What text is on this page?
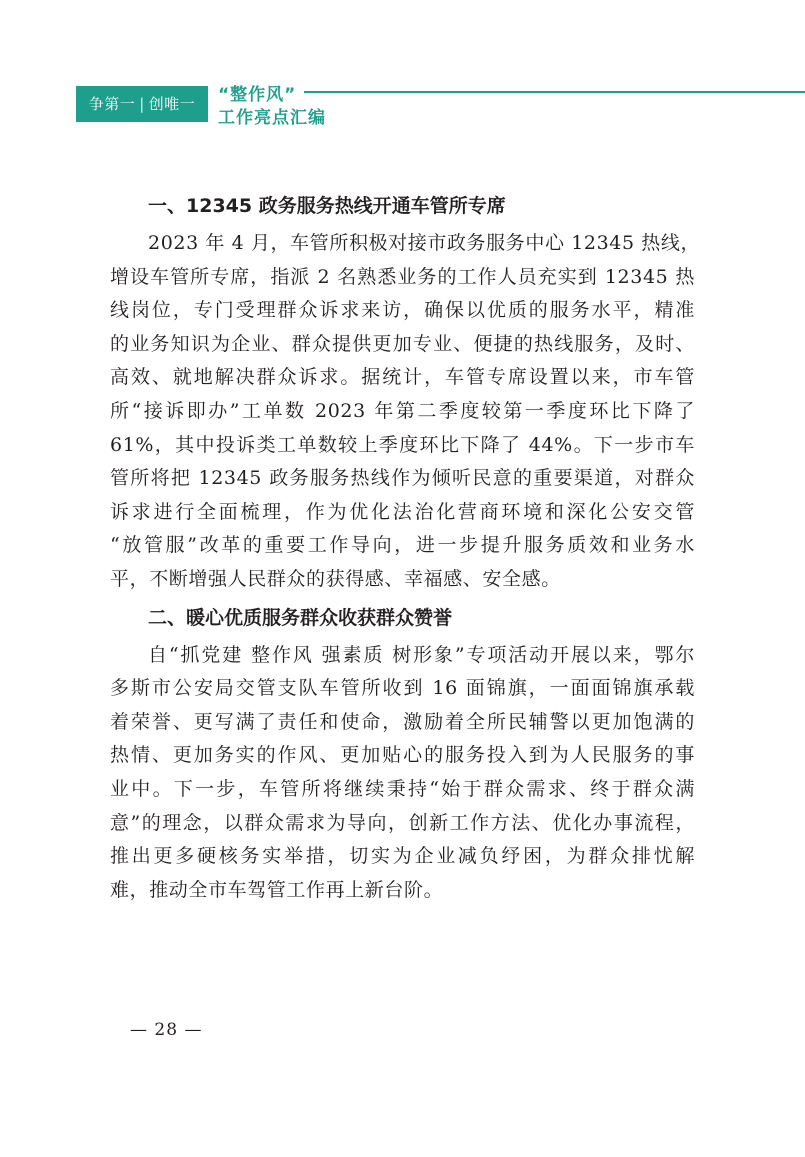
争第一 | 创唯一	“整作风”
工作亮点汇编
一、12345 政务服务热线开通车管所专席
2023 年 4 月，车管所积极对接市政务服务中心 12345 热线，
增设车管所专席，指派 2 名熟悉业务的工作人员充实到 12345 热
线岗位，专门受理群众诉求来访，确保以优质的服务水平，精准
的业务知识为企业、群众提供更加专业、便捷的热线服务，及时、
高效、就地解决群众诉求。据统计，车管专席设置以来，市车管
所“接诉即办”工单数 2023 年第二季度较第一季度环比下降了
61%，其中投诉类工单数较上季度环比下降了 44%。下一步市车
管所将把 12345 政务服务热线作为倾听民意的重要渠道，对群众
诉求进行全面梳理，作为优化法治化营商环境和深化公安交管
“放管服”改革的重要工作导向，进一步提升服务质效和业务水
平，不断增强人民群众的获得感、幸福感、安全感。
二、暖心优质服务群众收获群众赞誉
自“抓党建 整作风 强素质 树形象”专项活动开展以来，鄂尔
多斯市公安局交管支队车管所收到 16 面锦旗，一面面锦旗承载
着荣誉、更写满了责任和使命，激励着全所民辅警以更加饱满的
热情、更加务实的作风、更加贴心的服务投入到为人民服务的事
业中。下一步，车管所将继续秉持“始于群众需求、终于群众满
意”的理念，以群众需求为导向，创新工作方法、优化办事流程，
推出更多硬核务实举措，切实为企业减负纾困，为群众排忧解
难，推动全市车驾管工作再上新台阶。
— 28 —
